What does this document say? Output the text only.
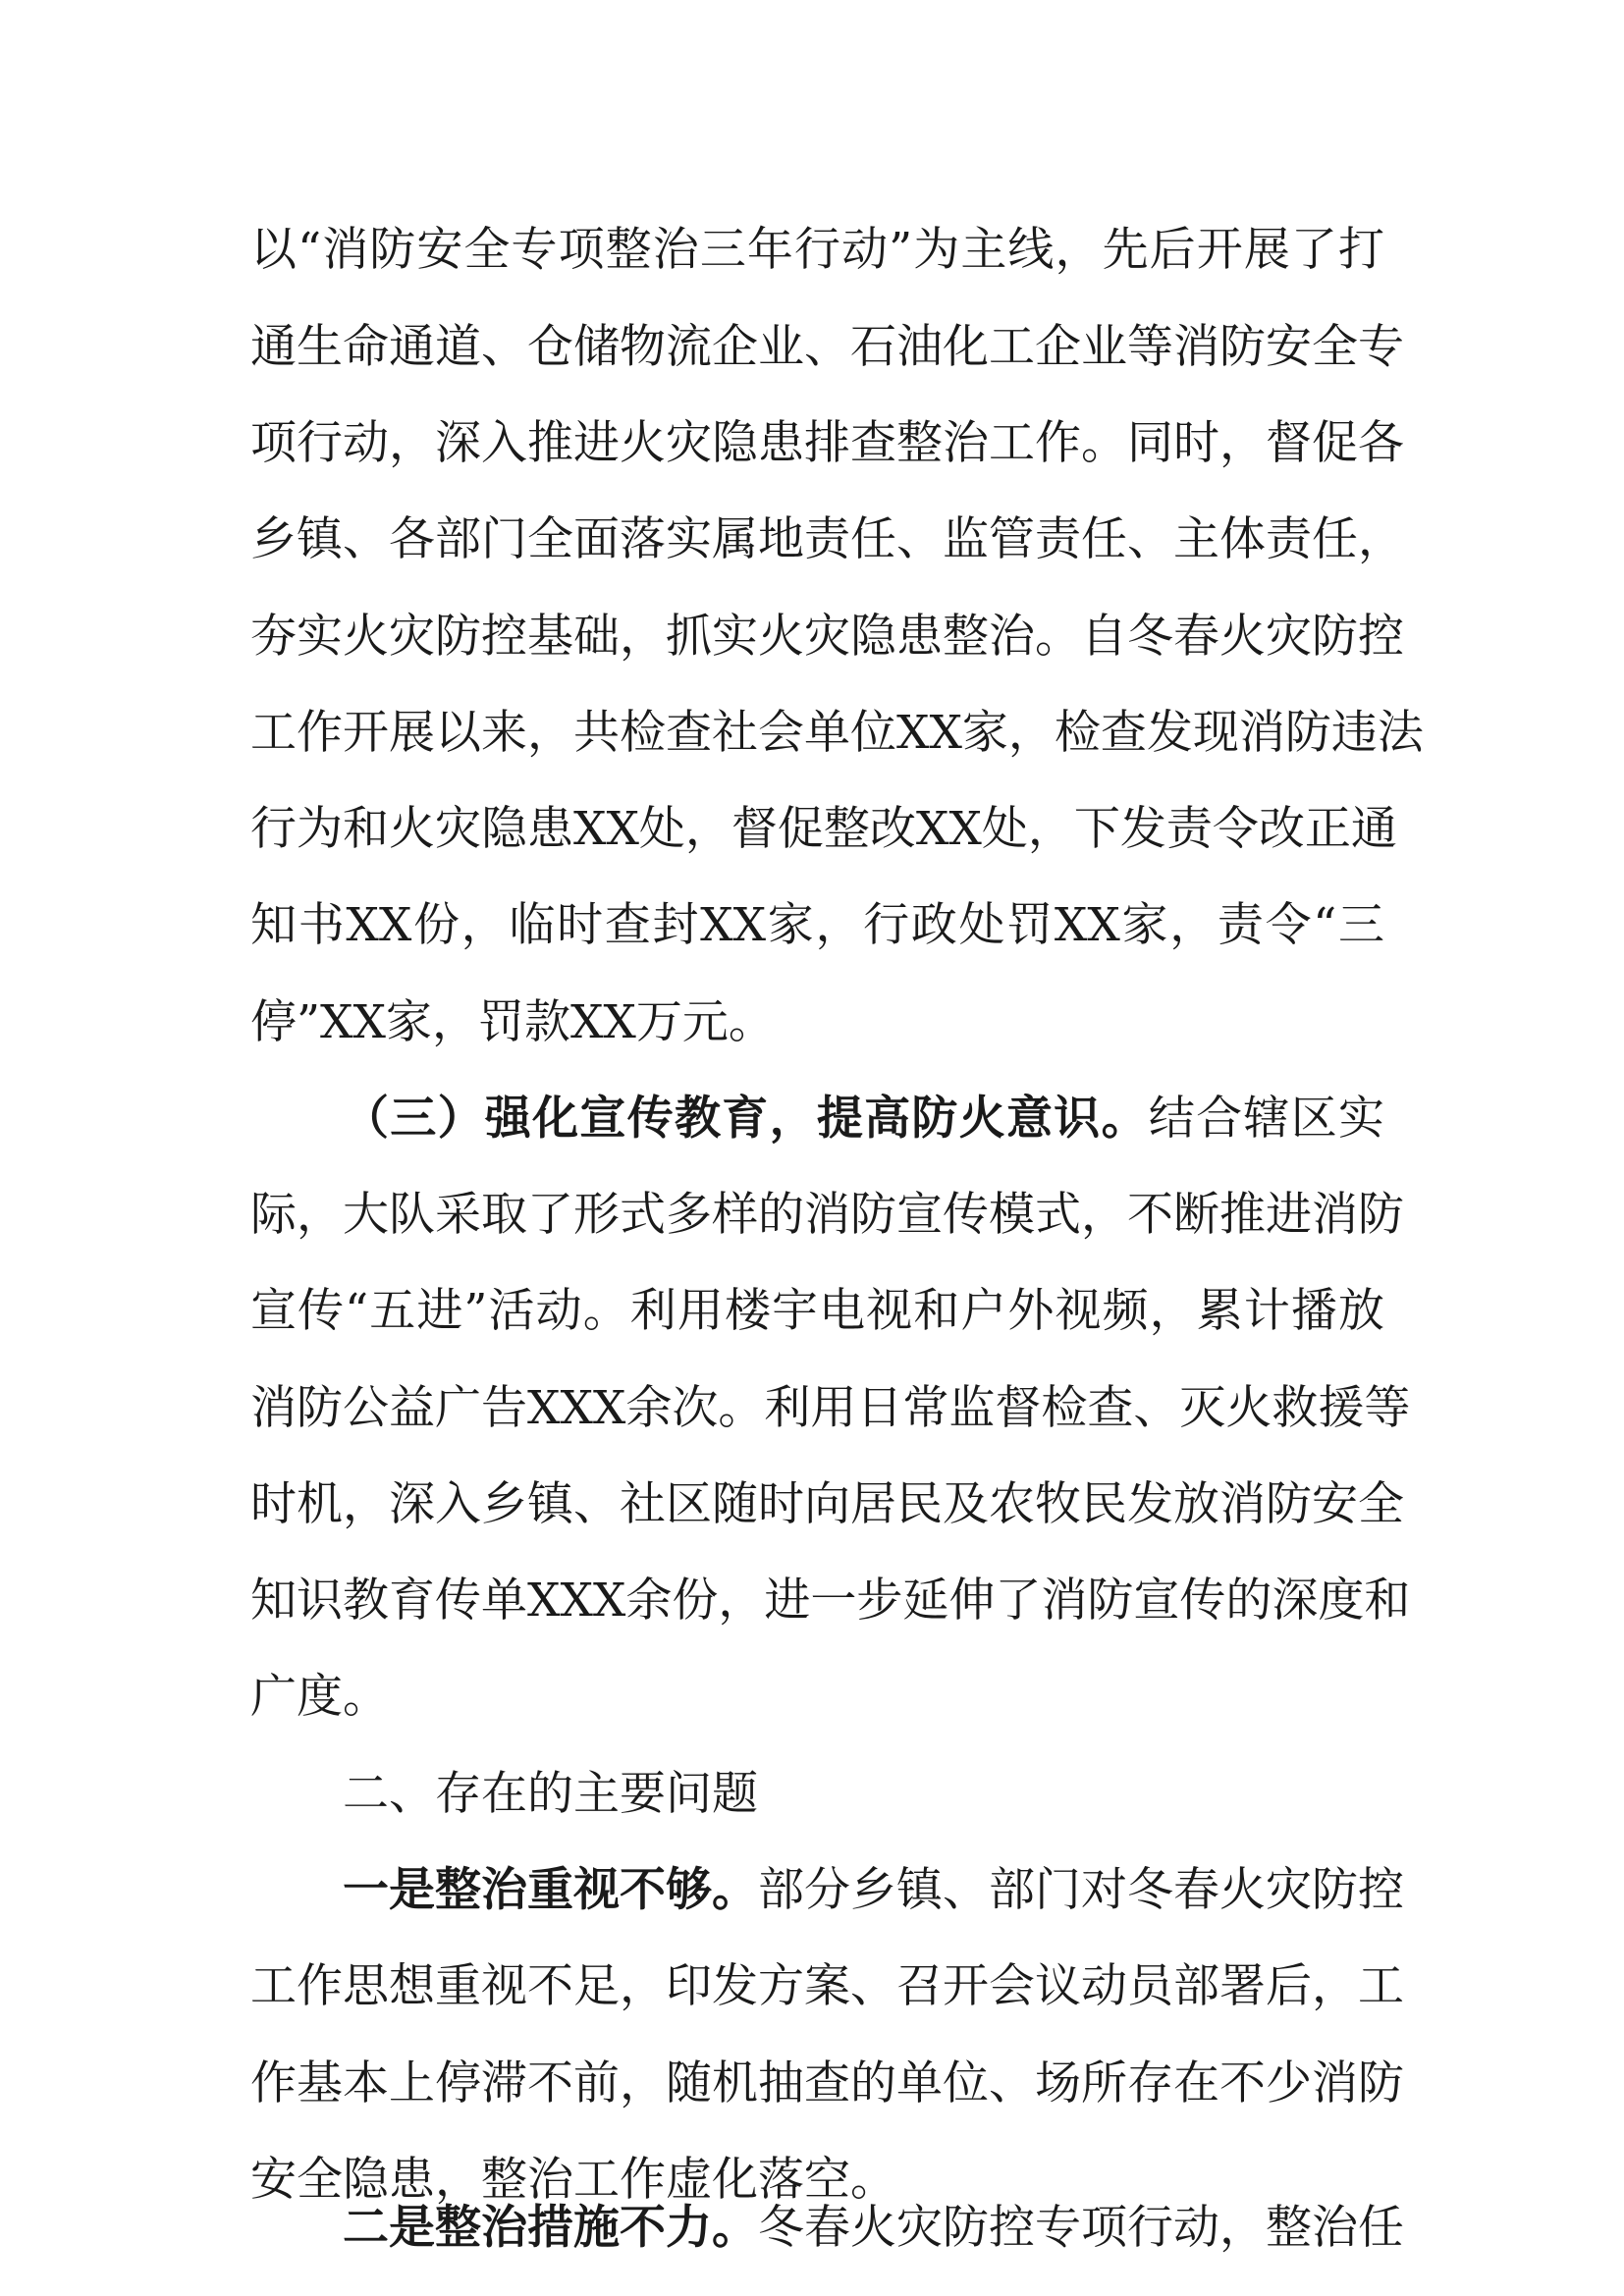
以“消防安全专项整治三年行动”为主线，先后开展了打
通生命通道、仓储物流企业、石油化工企业等消防安全专
项行动，深入推进火灾隐患排查整治工作。同时，督促各
乡镇、各部门全面落实属地责任、监管责任、主体责任，
夯实火灾防控基础，抓实火灾隐患整治。自冬春火灾防控
工作开展以来，共检查社会单位XX家，检查发现消防违法
行为和火灾隐患XX处，督促整改XX处，下发责令改正通
知书XX份，临时查封XX家，行政处罚XX家，责令“三
停”XX家，罚款XX万元。
（三）强化宣传教育，提高防火意识。结合辖区实
际，大队采取了形式多样的消防宣传模式，不断推进消防
宣传“五进”活动。利用楼宇电视和户外视频，累计播放
消防公益广告XXX余次。利用日常监督检查、灭火救援等
时机，深入乡镇、社区随时向居民及农牧民发放消防安全
知识教育传单XXX余份，进一步延伸了消防宣传的深度和
广度。
二、存在的主要问题
一是整治重视不够。部分乡镇、部门对冬春火灾防控
工作思想重视不足，印发方案、召开会议动员部署后，工
作基本上停滞不前，随机抽查的单位、场所存在不少消防
安全隐患，整治工作虚化落空。
二是整治措施不力。冬春火灾防控专项行动，整治任
